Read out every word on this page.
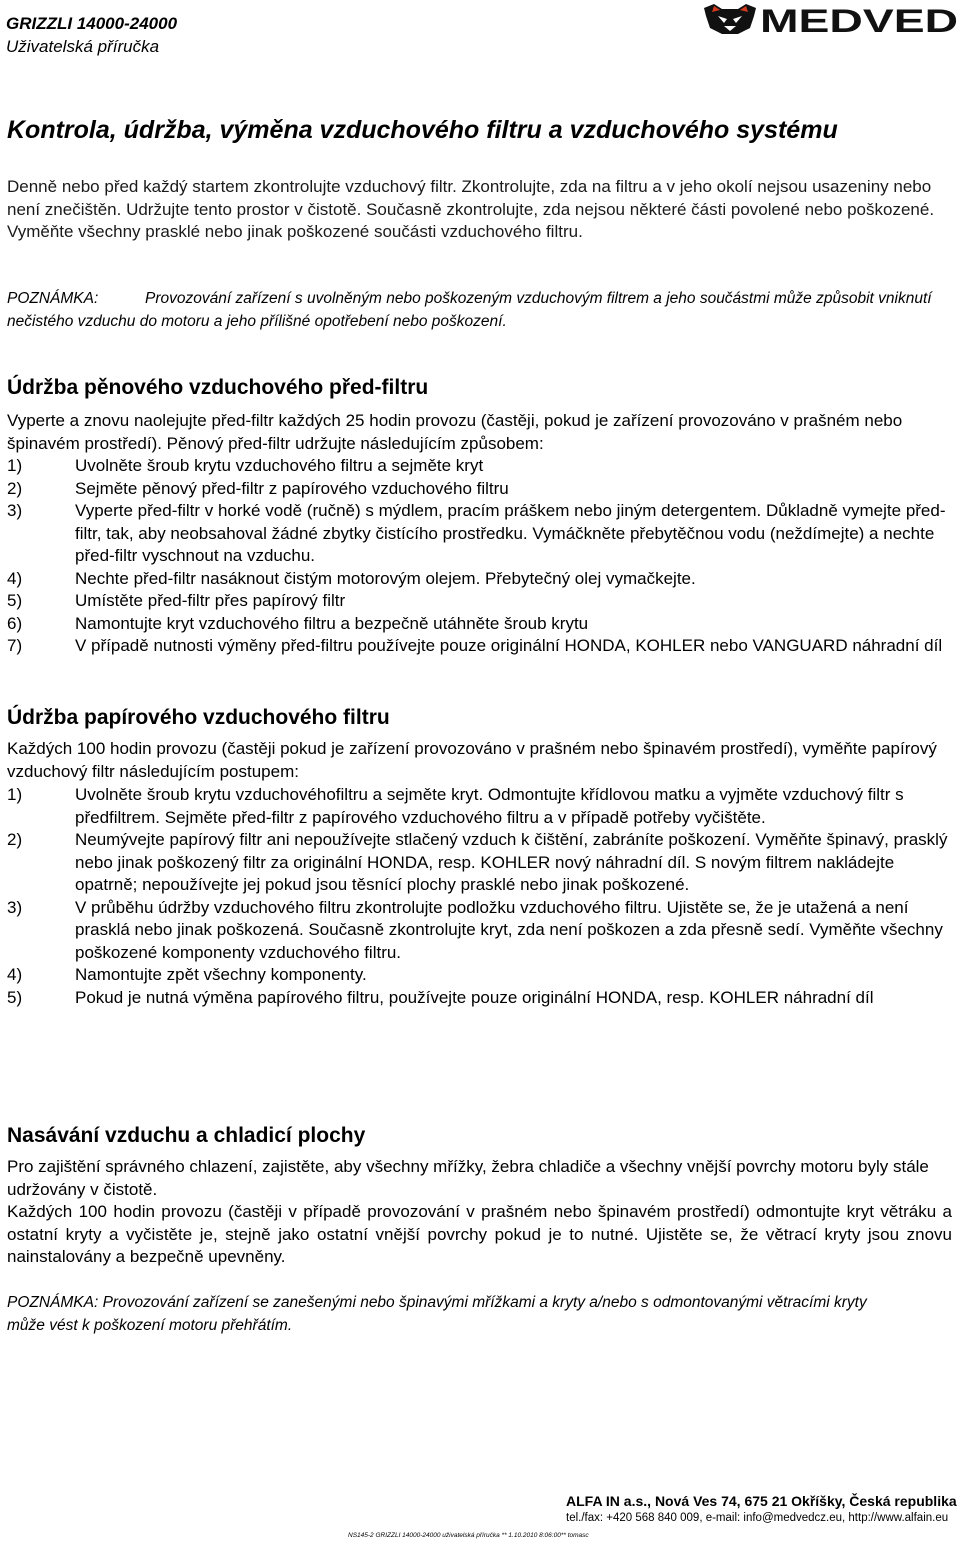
GRIZZLI 14000-24000
Uživatelská příručka
MEDVED
Kontrola, údržba, výměna vzduchového filtru a vzduchového systému
Denně nebo před každý startem zkontrolujte vzduchový filtr. Zkontrolujte, zda na filtru a v jeho okolí nejsou usazeniny nebo není znečištěn. Udržujte tento prostor v čistotě. Současně zkontrolujte, zda nejsou některé části povolené nebo poškozené. Vyměňte všechny prasklé nebo jinak poškozené součásti vzduchového filtru.
POZNÁMKA:	Provozování zařízení s uvolněným nebo poškozeným vzduchovým filtrem a jeho součástmi může způsobit vniknutí nečistého vzduchu do motoru a jeho přílišné opotřebení nebo poškození.
Údržba pěnového vzduchového před-filtru
Vyperte a znovu naolejujte před-filtr každých 25 hodin provozu (častěji, pokud je zařízení provozováno v prašném nebo špinavém prostředí). Pěnový před-filtr udržujte následujícím způsobem:
1)	Uvolněte šroub krytu vzduchového filtru a sejměte kryt
2)	Sejměte pěnový před-filtr z papírového vzduchového filtru
3)	Vyperte před-filtr v horké vodě (ručně) s mýdlem, pracím práškem nebo jiným detergentem. Důkladně vymejte před-filtr, tak, aby neobsahoval žádné zbytky čistícího prostředku. Vymáčkněte přebytěčnou vodu (neždímejte) a nechte před-filtr vyschnout na vzduchu.
4)	Nechte před-filtr nasáknout čistým motorovým olejem. Přebytečný olej vymačkejte.
5)	Umístěte před-filtr přes papírový filtr
6)	Namontujte kryt vzduchového filtru a bezpečně utáhněte šroub krytu
7)	V případě nutnosti výměny před-filtru používejte pouze originální HONDA, KOHLER nebo VANGUARD náhradní díl
Údržba papírového vzduchového filtru
Každých 100 hodin provozu (častěji pokud je zařízení provozováno v prašném nebo špinavém prostředí), vyměňte papírový vzduchový filtr následujícím postupem:
1)	Uvolněte šroub krytu vzduchovéhofiltru a sejměte kryt. Odmontujte křídlovou matku a vyjměte vzduchový filtr s předfiltrem. Sejměte před-filtr z papírového vzduchového filtru a v případě potřeby vyčištěte.
2)	Neumývejte papírový filtr ani nepoužívejte stlačený vzduch k čištění, zabráníte poškození. Vyměňte špinavý, prasklý nebo jinak poškozený filtr za originální HONDA, resp. KOHLER nový náhradní díl. S novým filtrem nakládejte opatrně; nepoužívejte jej pokud jsou těsnící plochy prasklé nebo jinak poškozené.
3)	V průběhu údržby vzduchového filtru zkontrolujte podložku vzduchového filtru. Ujistěte se, že je utažená a není prasklá nebo jinak poškozená. Současně zkontrolujte kryt, zda není poškozen a zda přesně sedí. Vyměňte všechny poškozené komponenty vzduchového filtru.
4)	Namontujte zpět všechny komponenty.
5)	Pokud je nutná výměna papírového filtru, používejte pouze originální HONDA, resp. KOHLER náhradní díl
Nasávání vzduchu a chladicí plochy
Pro zajištění správného chlazení, zajistěte, aby všechny mřížky, žebra chladiče a všechny vnější povrchy motoru byly stále udržovány v čistotě.
Každých 100 hodin provozu (častěji v případě provozování v prašném nebo špinavém prostředí) odmontujte kryt větráku a ostatní kryty a vyčistěte je, stejně jako ostatní vnější povrchy pokud je to nutné. Ujistěte se, že větrací kryty jsou znovu nainstalovány a bezpečně upevněny.
POZNÁMKA: Provozování zařízení se zanešenými nebo špinavými mřížkami a kryty a/nebo s odmontovanými větracími kryty může vést k poškození motoru přehřátím.
ALFA IN a.s., Nová Ves 74, 675 21 Okříšky, Česká republika
tel./fax: +420 568 840 009, e-mail: info@medvedcz.eu, http://www.alfain.eu
NS145-2 GRIZZLI 14000-24000 uživatelská příručka ** 1.10.2010 8:06:00** tomasc
